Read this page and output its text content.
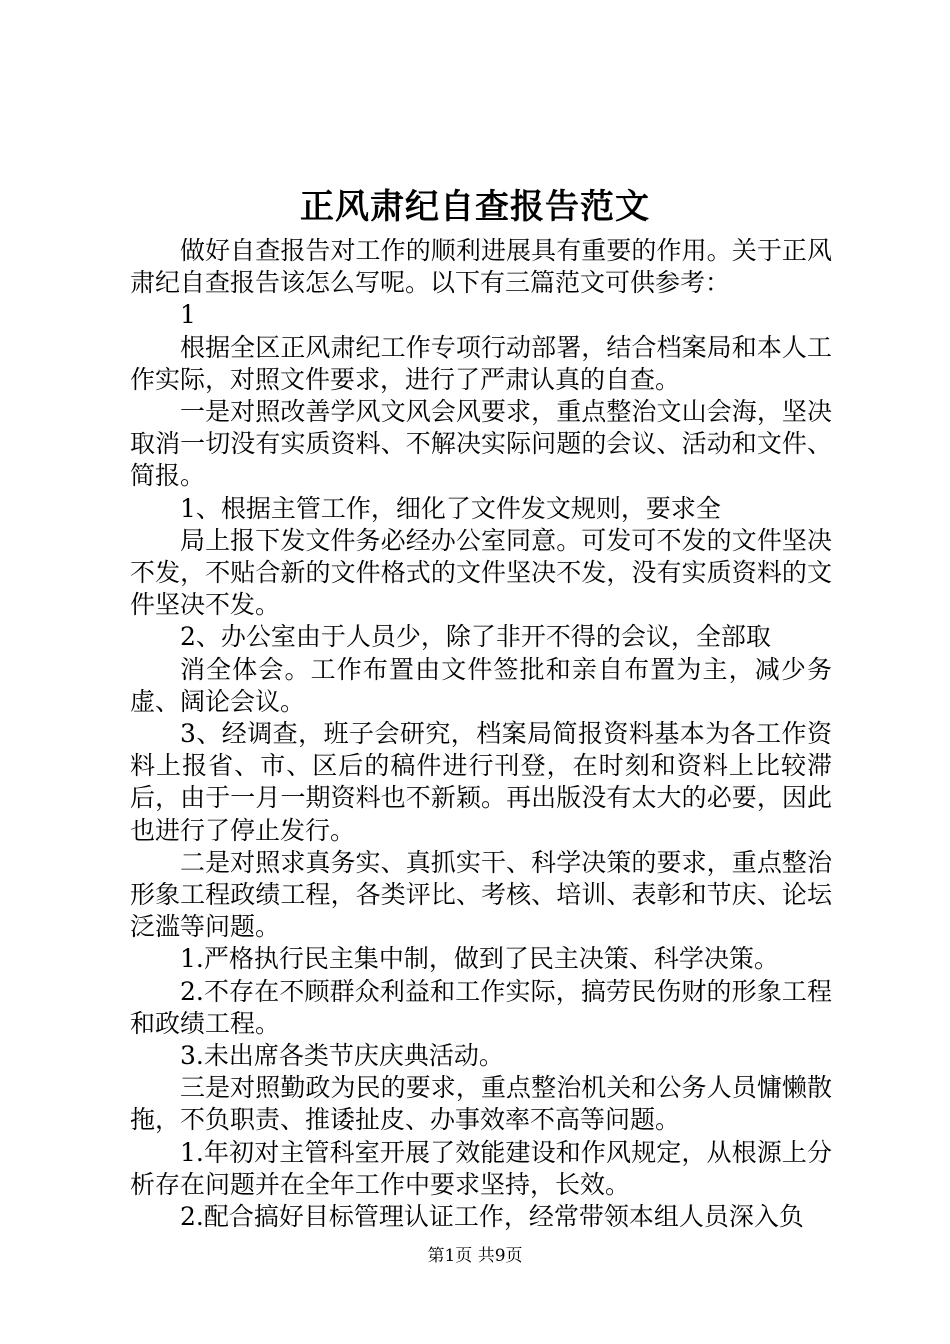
正风肃纪自查报告范文

做好自查报告对工作的顺利进展具有重要的作用。关于正风肃纪自查报告该怎么写呢。以下有三篇范文可供参考：

1

根据全区正风肃纪工作专项行动部署，结合档案局和本人工作实际，对照文件要求，进行了严肃认真的自查。

一是对照改善学风文风会风要求，重点整治文山会海，坚决取消一切没有实质资料、不解决实际问题的会议、活动和文件、简报。

1、根据主管工作，细化了文件发文规则，要求全

局上报下发文件务必经办公室同意。可发可不发的文件坚决不发，不贴合新的文件格式的文件坚决不发，没有实质资料的文件坚决不发。

2、办公室由于人员少，除了非开不得的会议，全部取

消全体会。工作布置由文件签批和亲自布置为主，减少务虚、阔论会议。

3、经调查，班子会研究，档案局简报资料基本为各工作资料上报省、市、区后的稿件进行刊登，在时刻和资料上比较滞后，由于一月一期资料也不新颖。再出版没有太大的必要，因此也进行了停止发行。

二是对照求真务实、真抓实干、科学决策的要求，重点整治形象工程政绩工程，各类评比、考核、培训、表彰和节庆、论坛泛滥等问题。

1.严格执行民主集中制，做到了民主决策、科学决策。

2.不存在不顾群众利益和工作实际，搞劳民伤财的形象工程和政绩工程。

3.未出席各类节庆庆典活动。

三是对照勤政为民的要求，重点整治机关和公务人员慵懒散拖，不负职责、推诿扯皮、办事效率不高等问题。

1.年初对主管科室开展了效能建设和作风规定，从根源上分析存在问题并在全年工作中要求坚持，长效。

2.配合搞好目标管理认证工作，经常带领本组人员深入负

第1页 共9页
